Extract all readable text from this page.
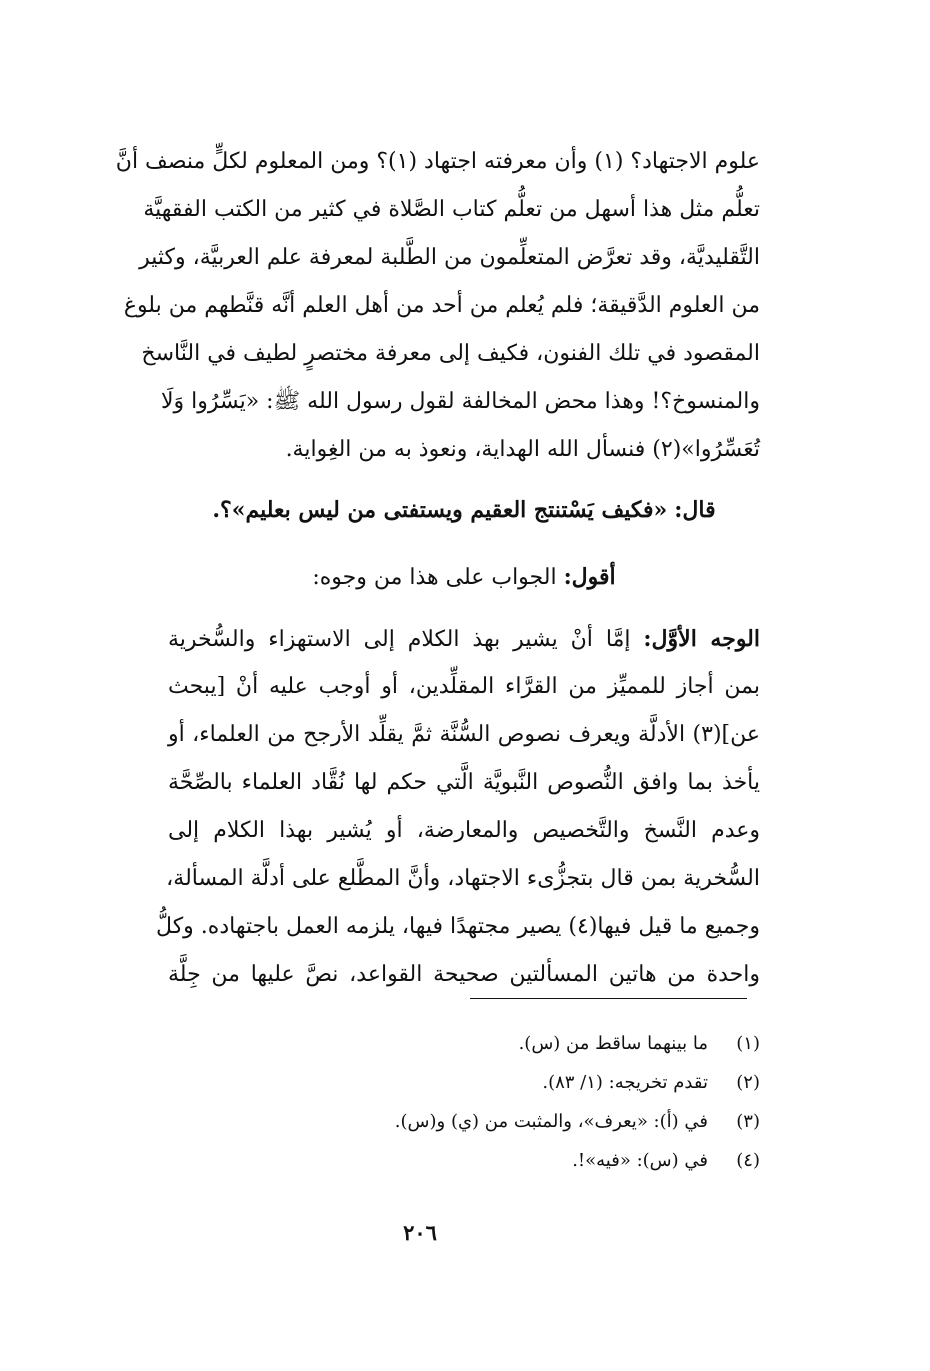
علوم الاجتهاد؟ (١) وأن معرفته اجتهاد (١)؟ ومن المعلوم لكلٍّ منصف أنَّ
تعلُّم مثل هذا أسهل من تعلُّم كتاب الصَّلاة في كثير من الكتب الفقهيَّة
التَّقليديَّة، وقد تعرَّض المتعلِّمون من الطَّلبة لمعرفة علم العربيَّة، وكثير
من العلوم الدَّقيقة؛ فلم يُعلم من أحد من أهل العلم أنَّه قنَّطهم من بلوغ
المقصود في تلك الفنون، فكيف إلى معرفة مختصرٍ لطيف في النَّاسخ
والمنسوخ؟! وهذا محض المخالفة لقول رسول الله ﷺ: «يَسِّرُوا وَلَا
تُعَسِّرُوا»(٢) فنسأل الله الهداية، ونعوذ به من الغِواية.
قال: «فكيف يَسْتنتج العقيم ويستفتى من ليس بعليم»؟.
أقول: الجواب على هذا من وجوه:
الوجه الأوَّل: إمَّا أنْ يشير بهذ الكلام إلى الاستهزاء والسُّخرية
بمن أجاز للمميِّز من القرَّاء المقلِّدين، أو أوجب عليه أنْ [يبحث
عن](٣) الأدلَّة ويعرف نصوص السُّنَّة ثمَّ يقلِّد الأرجح من العلماء، أو
يأخذ بما وافق النُّصوص النَّبويَّة الَّتي حكم لها نُقَّاد العلماء بالصِّحَّة
وعدم النَّسخ والتَّخصيص والمعارضة، أو يُشير بهذا الكلام إلى
السُّخرية بمن قال بتجزُّىء الاجتهاد، وأنَّ المطَّلع على أدلَّة المسألة،
وجميع ما قيل فيها(٤) يصير مجتهدًا فيها، يلزمه العمل باجتهاده. وكلُّ
واحدة من هاتين المسألتين صحيحة القواعد، نصَّ عليها من جِلَّة
(١)
ما بينهما ساقط من (س).
(٢)
تقدم تخريجه: (١/ ٨٣).
(٣)
في (أ): «يعرف»، والمثبت من (ي) و(س).
(٤)
في (س): «فيه»!.
٢٠٦
